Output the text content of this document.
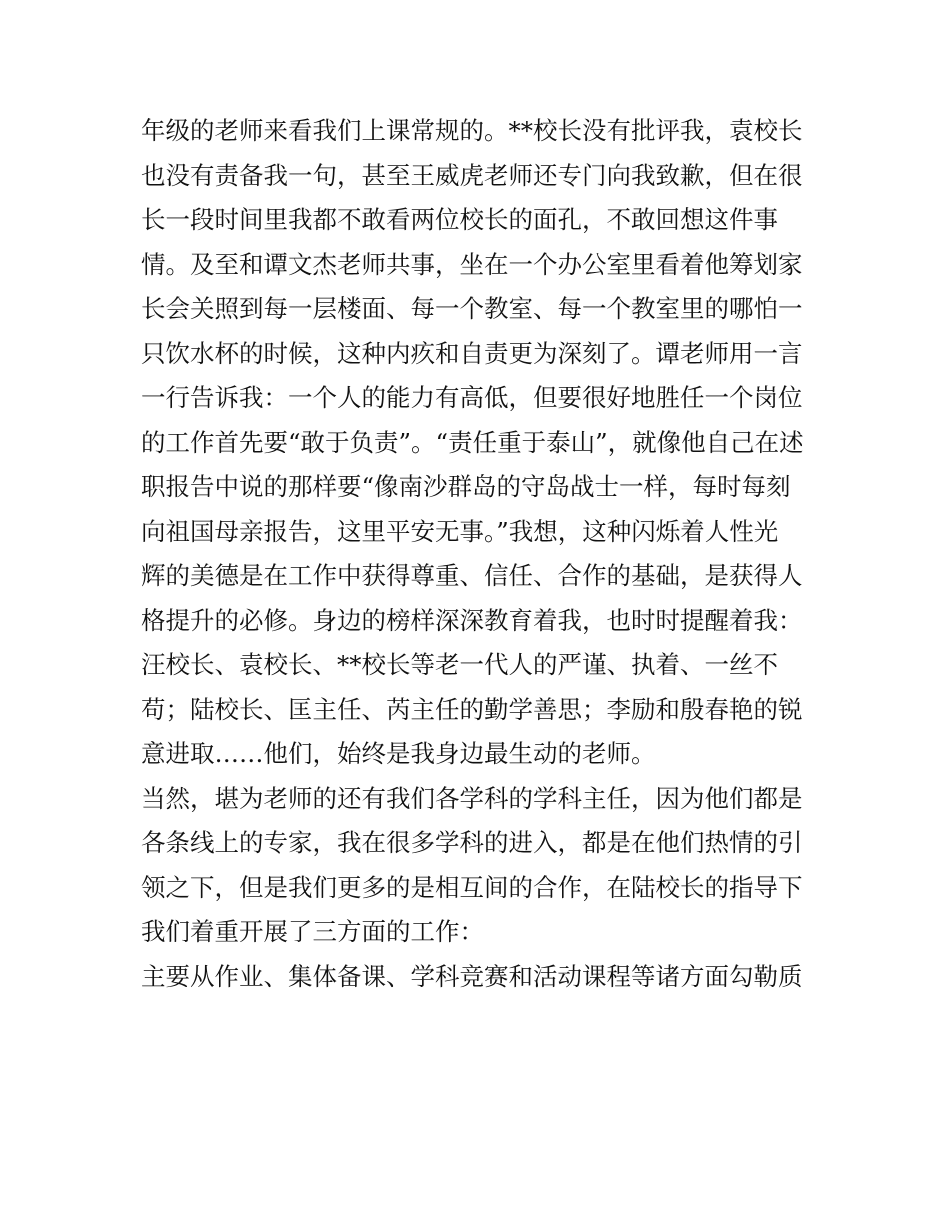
年级的老师来看我们上课常规的。**校长没有批评我，袁校长
也没有责备我一句，甚至王威虎老师还专门向我致歉，但在很
长一段时间里我都不敢看两位校长的面孔，不敢回想这件事
情。及至和谭文杰老师共事，坐在一个办公室里看着他筹划家
长会关照到每一层楼面、每一个教室、每一个教室里的哪怕一
只饮水杯的时候，这种内疚和自责更为深刻了。谭老师用一言
一行告诉我：一个人的能力有高低，但要很好地胜任一个岗位
的工作首先要“敢于负责”。“责任重于泰山”，就像他自己在述
职报告中说的那样要“像南沙群岛的守岛战士一样，每时每刻
向祖国母亲报告，这里平安无事。”我想，这种闪烁着人性光
辉的美德是在工作中获得尊重、信任、合作的基础，是获得人
格提升的必修。身边的榜样深深教育着我，也时时提醒着我：
汪校长、袁校长、**校长等老一代人的严谨、执着、一丝不
苟；陆校长、匡主任、芮主任的勤学善思；李励和殷春艳的锐
意进取……他们，始终是我身边最生动的老师。

当然，堪为老师的还有我们各学科的学科主任，因为他们都是
各条线上的专家，我在很多学科的进入，都是在他们热情的引
领之下，但是我们更多的是相互间的合作，在陆校长的指导下
我们着重开展了三方面的工作：

主要从作业、集体备课、学科竞赛和活动课程等诸方面勾勒质
